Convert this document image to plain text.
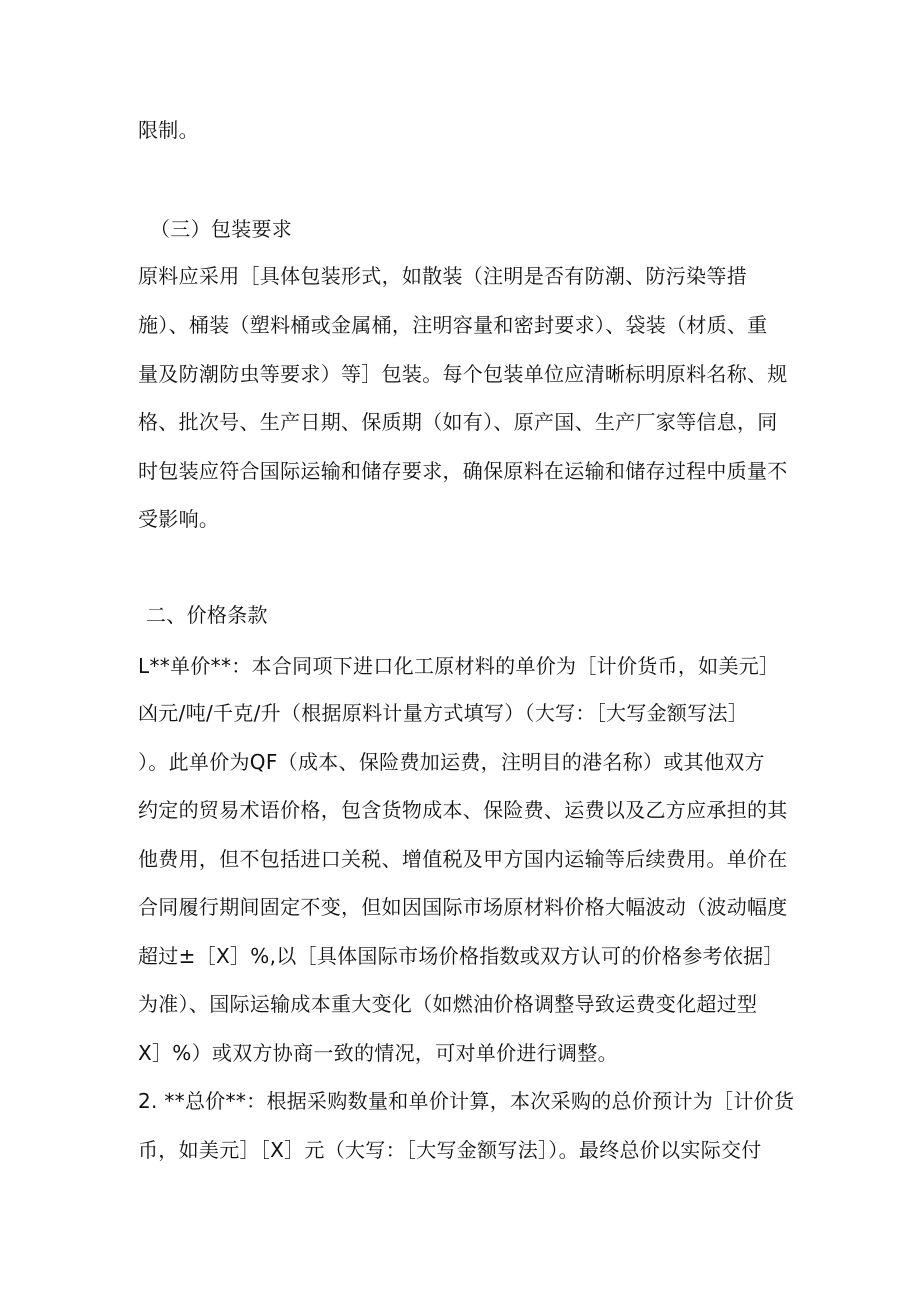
限制。
（三）包装要求
原料应采用［具体包装形式，如散装（注明是否有防潮、防污染等措
施）、桶装（塑料桶或金属桶，注明容量和密封要求）、袋装（材质、重
量及防潮防虫等要求）等］包装。每个包装单位应清晰标明原料名称、规
格、批次号、生产日期、保质期（如有）、原产国、生产厂家等信息，同
时包装应符合国际运输和储存要求，确保原料在运输和储存过程中质量不
受影响。
二、价格条款
L**单价**：本合同项下进口化工原材料的单价为［计价货币，如美元］
凶元/吨/千克/升（根据原料计量方式填写）（大写：［大写金额写法］
）。此单价为QF（成本、保险费加运费，注明目的港名称）或其他双方
约定的贸易术语价格，包含货物成本、保险费、运费以及乙方应承担的其
他费用，但不包括进口关税、增值税及甲方国内运输等后续费用。单价在
合同履行期间固定不变，但如因国际市场原材料价格大幅波动（波动幅度
超过±［X］%,以［具体国际市场价格指数或双方认可的价格参考依据］
为准）、国际运输成本重大变化（如燃油价格调整导致运费变化超过型
X］%）或双方协商一致的情况，可对单价进行调整。
2. **总价**：根据采购数量和单价计算，本次采购的总价预计为［计价货
币，如美元］［X］元（大写：［大写金额写法］）。最终总价以实际交付
